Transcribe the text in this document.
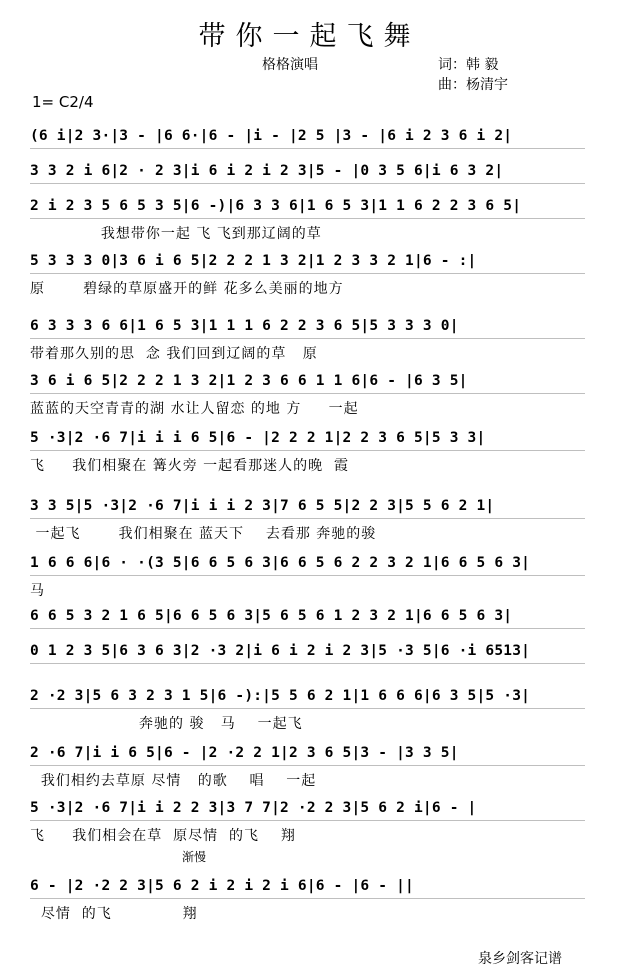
带你一起飞舞
格格演唱	词：韩 毅
曲：杨清宇
1= C2/4
(6 i|2 3·|3 - |6 6·|6 - |i - |2 5 |3 - |6 i 2 3 6 i 2|
3 3 2 i 6|2 · 2 3|i 6 i 2 i 2 3|5 - |0 3 5 6|i 6 3 2|
2 i 2 3 5 6 5 3 5|6 -)|6 3 3 6|1 6 5 3|1 1 6 2 2 3 6 5|
我想带你一起 飞 飞到那辽阔的草
5 3 3 3 0|3 6 i 6 5|2 2 2 1 3 2|1 2 3 3 2 1|6 - :|
原       碧绿的草原盛开的鲜 花多么美丽的地方
6 3 3 3 6 6|1 6 5 3|1 1 1 6 2 2 3 6 5|5 3 3 3 0|
带着那久别的思  念 我们回到辽阔的草   原
3 6 i 6 5|2 2 2 1 3 2|1 2 3 6 6 1 1 6|6 - |6 3 5|
蓝蓝的天空青青的湖 水让人留恋 的地 方     一起
5 ·3|2 ·6 7|i i i 6 5|6 - |2 2 2 1|2 2 3 6 5|5 3 3|
飞     我们相聚在 篝火旁 一起看那迷人的晚  霞
3 3 5|5 ·3|2 ·6 7|i i i 2 3|7 6 5 5|2 2 3|5 5 6 2 1|
一起飞       我们相聚在 蓝天下    去看那 奔驰的骏
1 6 6 6|6 · ·(3 5|6 6 5 6 3|6 6 5 6 2 2 3 2 1|6 6 5 6 3|
马
6 6 5 3 2 1 6 5|6 6 5 6 3|5 6 5 6 1 2 3 2 1|6 6 5 6 3|
0 1 2 3 5|6 3 6 3|2 ·3 2|i 6 i 2 i 2 3|5 ·3 5|6 ·i 6513|
2 ·2 3|5 6 3 2 3 1 5|6 -):|5 5 6 2 1|1 6 6 6|6 3 5|5 ·3|
奔驰的 骏   马    一起飞
2 ·6 7|i i 6 5|6 - |2 ·2 2 1|2 3 6 5|3 - |3 3 5|
我们相约去草原 尽情   的歌    唱    一起
5 ·3|2 ·6 7|i i 2 2 3|3 7 7|2 ·2 2 3|5 6 2 i|6 - |
飞     我们相会在草  原尽情  的飞    翔
6 - |2 ·2 2 3|5 6 2 i 2 i 2 i 6|6 - |6 - ||
尽情  的飞             翔
渐慢
泉乡剑客记谱
